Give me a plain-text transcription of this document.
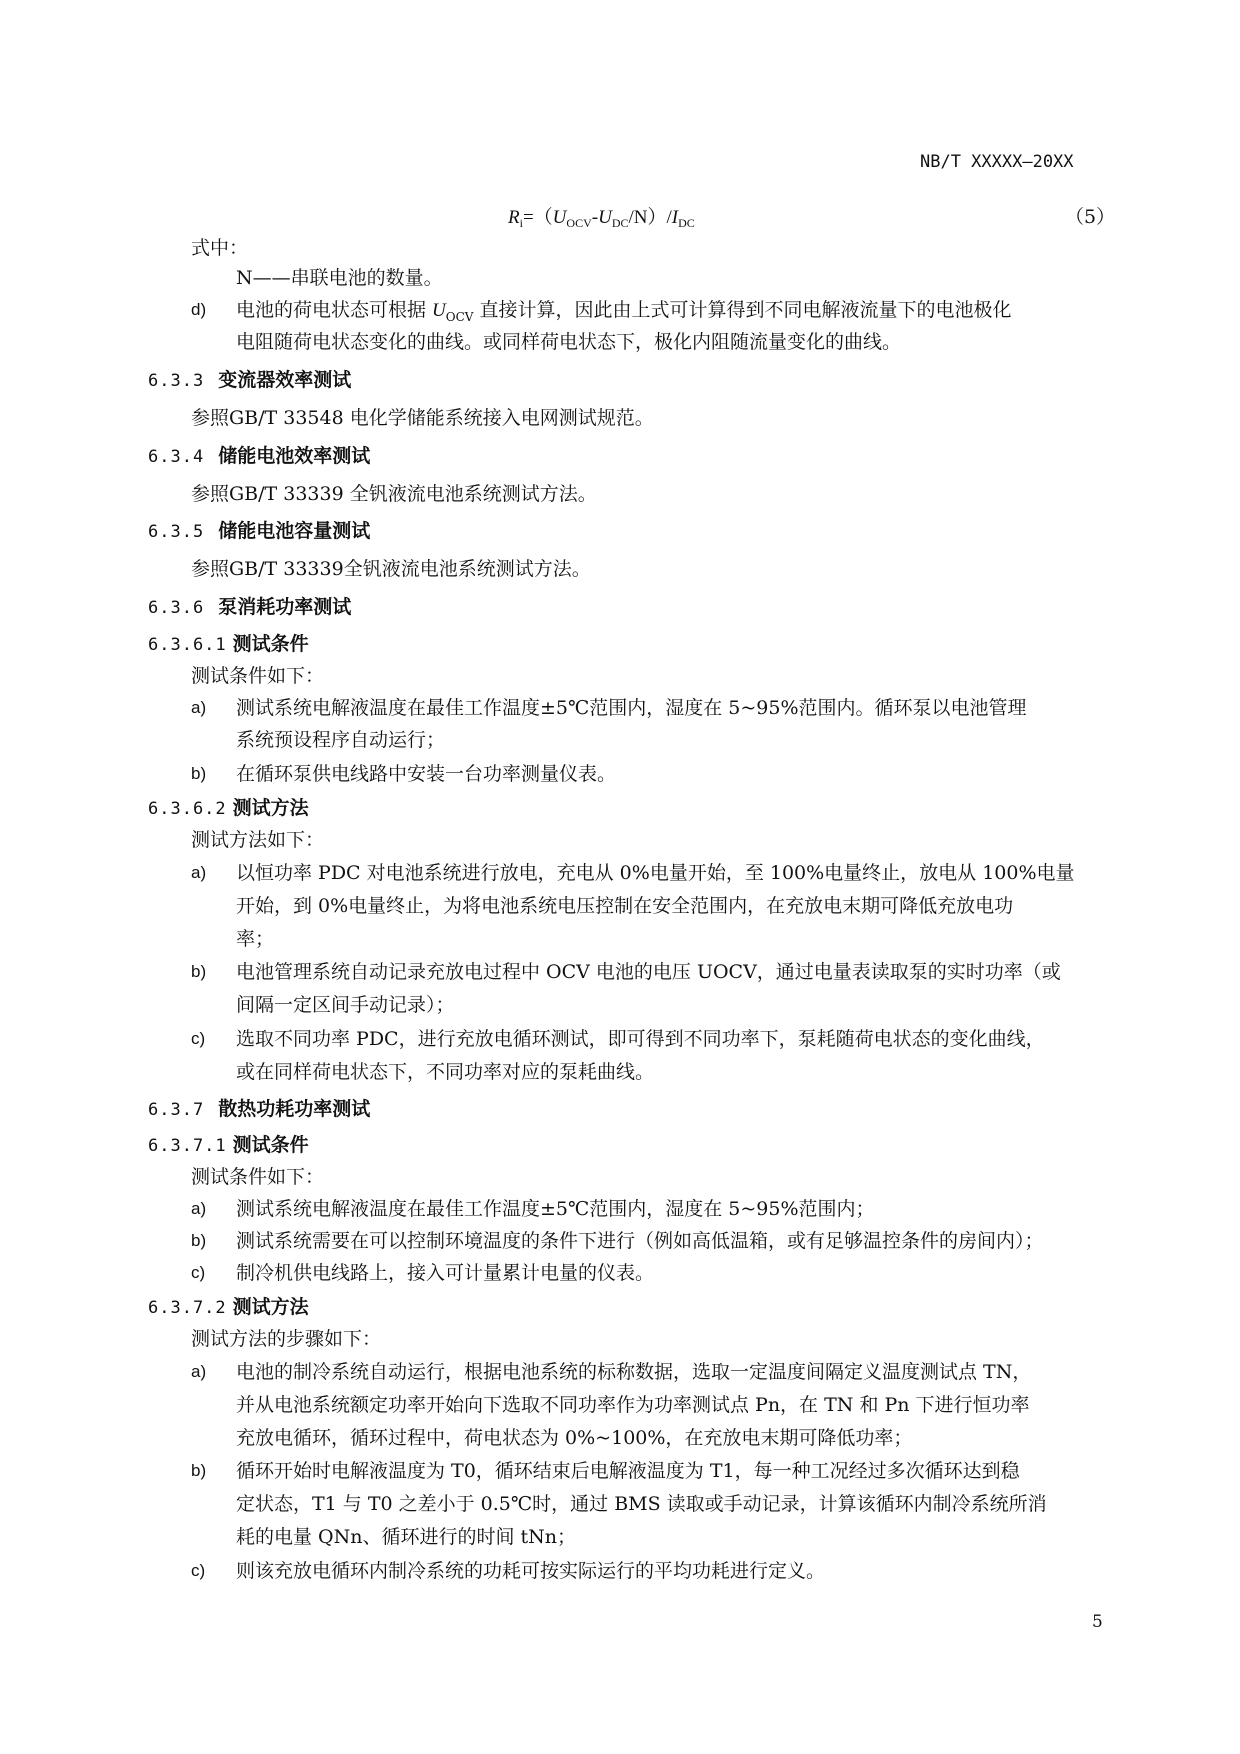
NB/T XXXXX—20XX
$R_i=(U_{OCV}-U_{DC}/N)/I_{DC}$	（5）
式中：
N——串联电池的数量。
d) 电池的荷电状态可根据 $U_{OCV}$ 直接计算，因此由上式可计算得到不同电解液流量下的电池极化
电阻随荷电状态变化的曲线。或同样荷电状态下，极化内阻随流量变化的曲线。
6.3.3 变流器效率测试
参照GB/T 33548 电化学储能系统接入电网测试规范。
6.3.4 储能电池效率测试
参照GB/T 33339 全钒液流电池系统测试方法。
6.3.5 储能电池容量测试
参照GB/T 33339全钒液流电池系统测试方法。
6.3.6 泵消耗功率测试
6.3.6.1 测试条件
测试条件如下：
a) 测试系统电解液温度在最佳工作温度±5℃范围内，湿度在 5~95%范围内。循环泵以电池管理
系统预设程序自动运行；
b) 在循环泵供电线路中安装一台功率测量仪表。
6.3.6.2 测试方法
测试方法如下：
a) 以恒功率 PDC 对电池系统进行放电，充电从 0%电量开始，至 100%电量终止，放电从 100%电量
开始，到 0%电量终止，为将电池系统电压控制在安全范围内，在充放电末期可降低充放电功
率；
b) 电池管理系统自动记录充放电过程中 OCV 电池的电压 UOCV，通过电量表读取泵的实时功率（或
间隔一定区间手动记录）；
c) 选取不同功率 PDC，进行充放电循环测试，即可得到不同功率下，泵耗随荷电状态的变化曲线，
或在同样荷电状态下，不同功率对应的泵耗曲线。
6.3.7 散热功耗功率测试
6.3.7.1 测试条件
测试条件如下：
a) 测试系统电解液温度在最佳工作温度±5℃范围内，湿度在 5~95%范围内；
b) 测试系统需要在可以控制环境温度的条件下进行（例如高低温箱，或有足够温控条件的房间内）；
c) 制冷机供电线路上，接入可计量累计电量的仪表。
6.3.7.2 测试方法
测试方法的步骤如下：
a) 电池的制冷系统自动运行，根据电池系统的标称数据，选取一定温度间隔定义温度测试点 TN，
并从电池系统额定功率开始向下选取不同功率作为功率测试点 Pn，在 TN 和 Pn 下进行恒功率
充放电循环，循环过程中，荷电状态为 0%~100%，在充放电末期可降低功率；
b) 循环开始时电解液温度为 T0，循环结束后电解液温度为 T1，每一种工况经过多次循环达到稳
定状态，T1 与 T0 之差小于 0.5℃时，通过 BMS 读取或手动记录，计算该循环内制冷系统所消
耗的电量 QNn、循环进行的时间 tNn；
c) 则该充放电循环内制冷系统的功耗可按实际运行的平均功耗进行定义。
5
